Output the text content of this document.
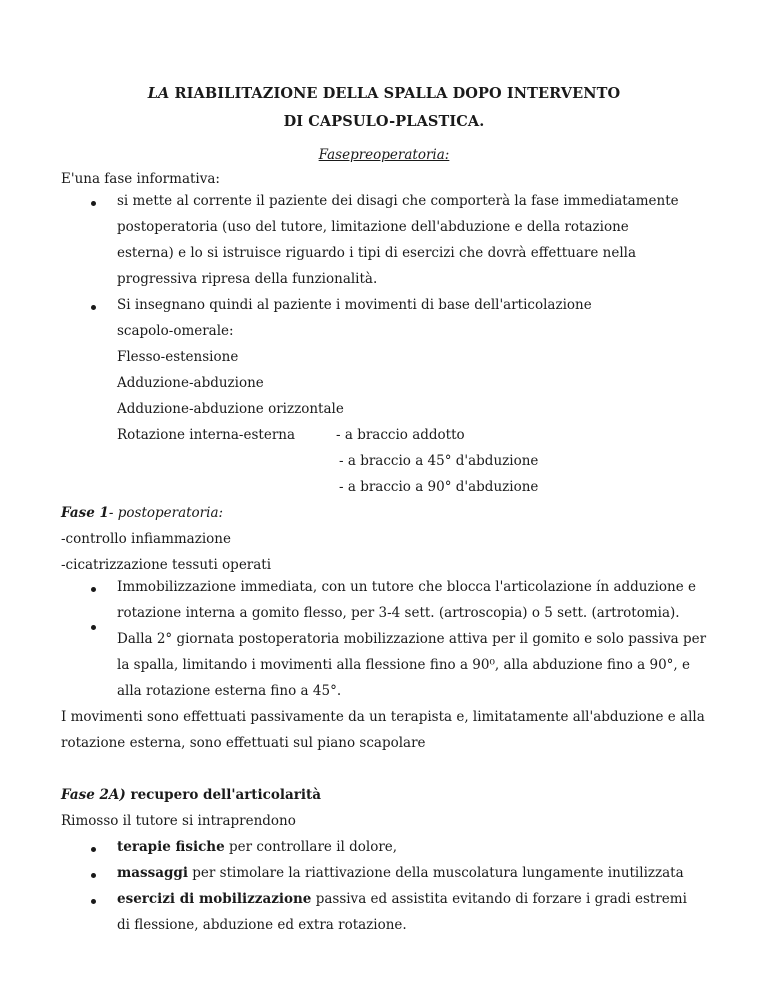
LA RIABILITAZIONE DELLA SPALLA DOPO INTERVENTO
DI CAPSULO-PLASTICA.
Fasepreoperatoria:
E'una fase informativa:
si mette al corrente il paziente dei disagi che comporterà la fase immediatamente
postoperatoria (uso del tutore, limitazione dell'abduzione e della rotazione
esterna) e lo si istruisce riguardo i tipi di esercizi che dovrà effettuare nella
progressiva ripresa della funzionalità.
Si insegnano quindi al paziente i movimenti di base dell'articolazione
scapolo-omerale:
Flesso-estensione
Adduzione-abduzione
Adduzione-abduzione orizzontale
Rotazione interna-esterna	- a braccio addotto
- a braccio a 45° d'abduzione
- a braccio a 90° d'abduzione
Fase 1- postoperatoria:
-controllo infiammazione
-cicatrizzazione tessuti operati
Immobilizzazione immediata, con un tutore che blocca l'articolazione ín adduzione e
rotazione interna a gomito flesso, per 3-4 sett. (artroscopia) o 5 sett. (artrotomia).
Dalla 2° giornata postoperatoria mobilizzazione attiva per il gomito e solo passiva per
la spalla, limitando i movimenti alla flessione fino a 90⁰, alla abduzione fino a 90°, e
alla rotazione esterna fino a 45°.
I movimenti sono effettuati passivamente da un terapista e, limitatamente all'abduzione e alla
rotazione esterna, sono effettuati sul piano scapolare
Fase 2A) recupero dell'articolarità
Rimosso il tutore si intraprendono
terapie fisiche per controllare il dolore,
massaggi per stimolare la riattivazione della muscolatura lungamente inutilizzata
esercizi di mobilizzazione passiva ed assistita evitando di forzare i gradi estremi
di flessione, abduzione ed extra rotazione.
